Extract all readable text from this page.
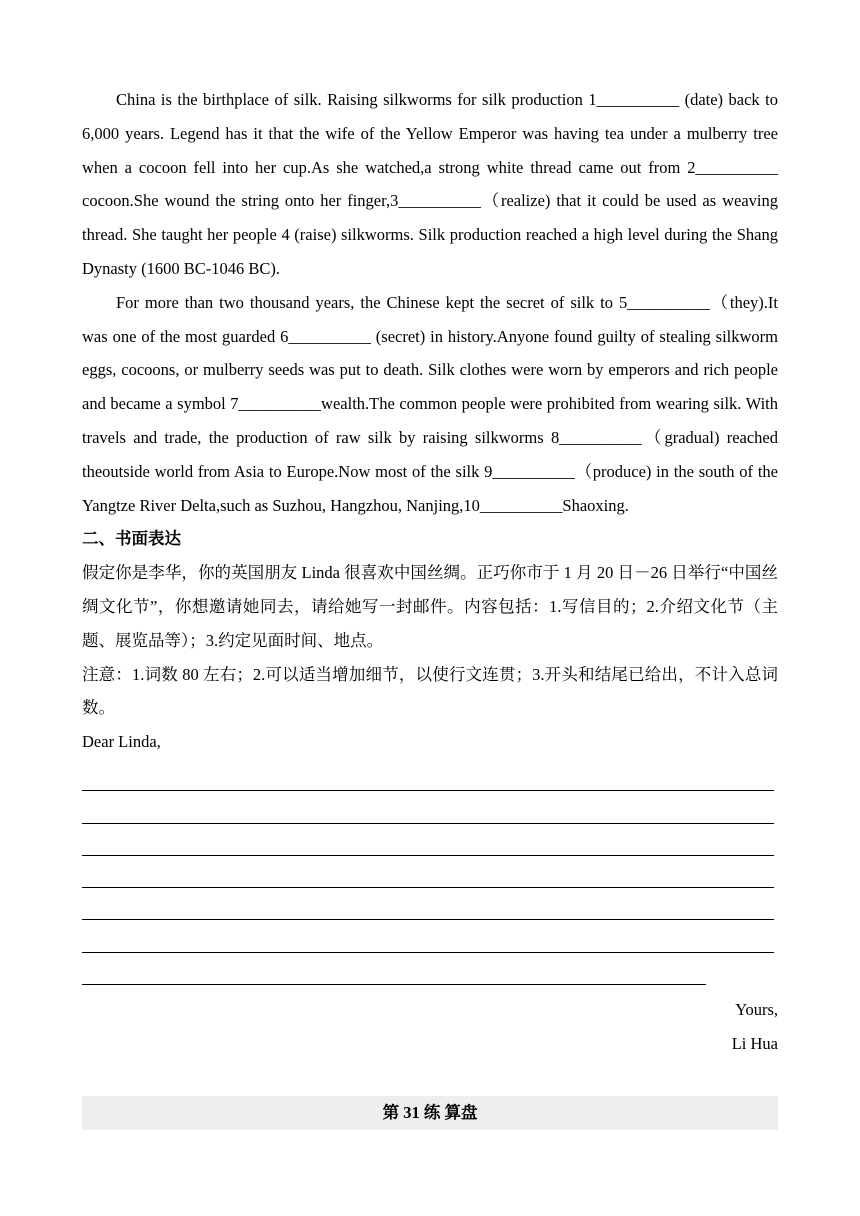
China is the birthplace of silk. Raising silkworms for silk production 1__________ (date) back to 6,000 years. Legend has it that the wife of the Yellow Emperor was having tea under a mulberry tree when a cocoon fell into her cup.As she watched,a strong white thread came out from 2__________ cocoon.She wound the string onto her finger,3__________（realize) that it could be used as weaving thread. She taught her people 4 (raise) silkworms. Silk production reached a high level during the Shang Dynasty (1600 BC-1046 BC).

For more than two thousand years, the Chinese kept the secret of silk to 5__________（they).It was one of the most guarded 6__________ (secret) in history.Anyone found guilty of stealing silkworm eggs, cocoons, or mulberry seeds was put to death. Silk clothes were worn by emperors and rich people and became a symbol 7__________wealth.The common people were prohibited from wearing silk. With travels and trade, the production of raw silk by raising silkworms 8__________（gradual) reached theoutside world from Asia to Europe.Now most of the silk 9__________（produce) in the south of the Yangtze River Delta,such as Suzhou, Hangzhou, Nanjing,10__________Shaoxing.

二、书面表达

假定你是李华，你的英国朋友 Linda 很喜欢中国丝绸。正巧你市于 1 月 20 日－26 日举行“中国丝绸文化节”，你想邀请她同去，请给她写一封邮件。内容包括：1.写信目的；2.介绍文化节（主题、展览品等）；3.约定见面时间、地点。

注意：1.词数 80 左右；2.可以适当增加细节，以使行文连贯；3.开头和结尾已给出，不计入总词数。

Dear Linda,

Yours,

Li Hua

第 31 练 算盘
